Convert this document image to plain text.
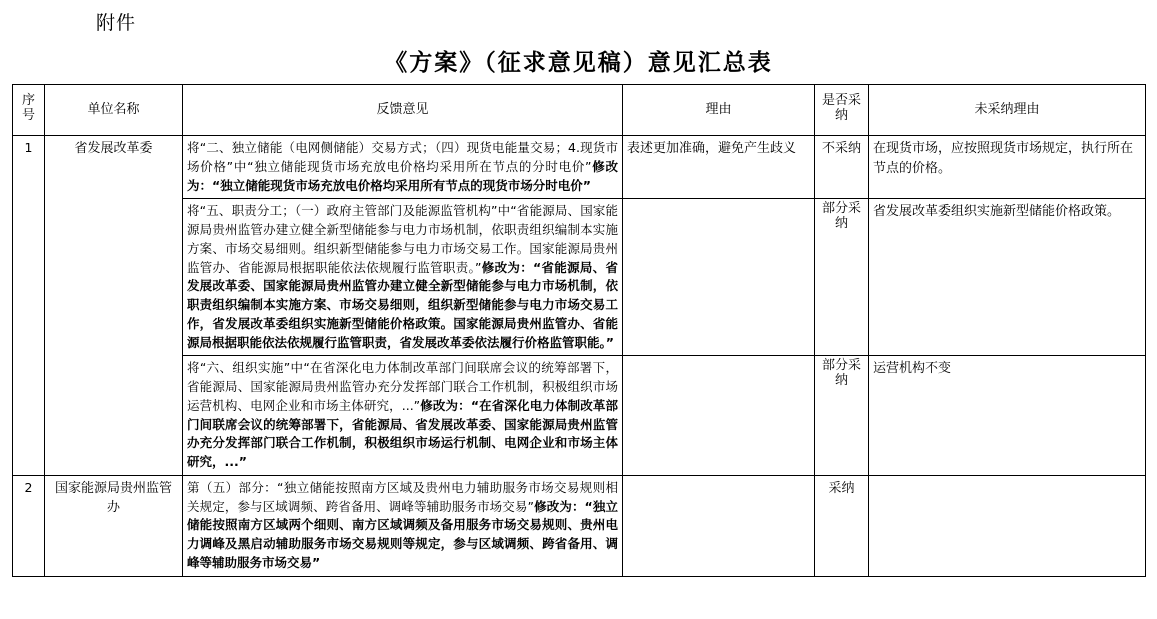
附件
《方案》（征求意见稿）意见汇总表
序号	单位名称	反馈意见	理由	是否采纳	未采纳理由
1	省发展改革委	将“二、独立储能（电网侧储能）交易方式；（四）现货电能量交易；4.现货市场价格”中“独立储能现货市场充放电价格均采用所在节点的分时电价”修改为：“独立储能现货市场充放电价格均采用所有节点的现货市场分时电价”	表述更加准确，避免产生歧义	不采纳	在现货市场，应按照现货市场规定，执行所在节点的价格。
		将“五、职责分工；（一）政府主管部门及能源监管机构”中“省能源局、国家能源局贵州监管办建立健全新型储能参与电力市场机制，依职责组织编制本实施方案、市场交易细则。组织新型储能参与电力市场交易工作。国家能源局贵州监管办、省能源局根据职能依法依规履行监管职责。”修改为：“省能源局、省发展改革委、国家能源局贵州监管办建立健全新型储能参与电力市场机制，依职责组织编制本实施方案、市场交易细则，组织新型储能参与电力市场交易工作，省发展改革委组织实施新型储能价格政策。国家能源局贵州监管办、省能源局根据职能依法依规履行监管职责，省发展改革委依法履行价格监管职能。”		部分采纳	省发展改革委组织实施新型储能价格政策。
		将“六、组织实施”中“在省深化电力体制改革部门间联席会议的统筹部署下，省能源局、国家能源局贵州监管办充分发挥部门联合工作机制，积极组织市场运营机构、电网企业和市场主体研究，...”修改为：“在省深化电力体制改革部门间联席会议的统筹部署下，省能源局、省发展改革委、国家能源局贵州监管办充分发挥部门联合工作机制，积极组织市场运行机制、电网企业和市场主体研究，...”		部分采纳	运营机构不变
2	国家能源局贵州监管办	第（五）部分：“独立储能按照南方区域及贵州电力辅助服务市场交易规则相关规定，参与区域调频、跨省备用、调峰等辅助服务市场交易”修改为：“独立储能按照南方区域两个细则、南方区域调频及备用服务市场交易规则、贵州电力调峰及黑启动辅助服务市场交易规则等规定，参与区域调频、跨省备用、调峰等辅助服务市场交易”		采纳	
